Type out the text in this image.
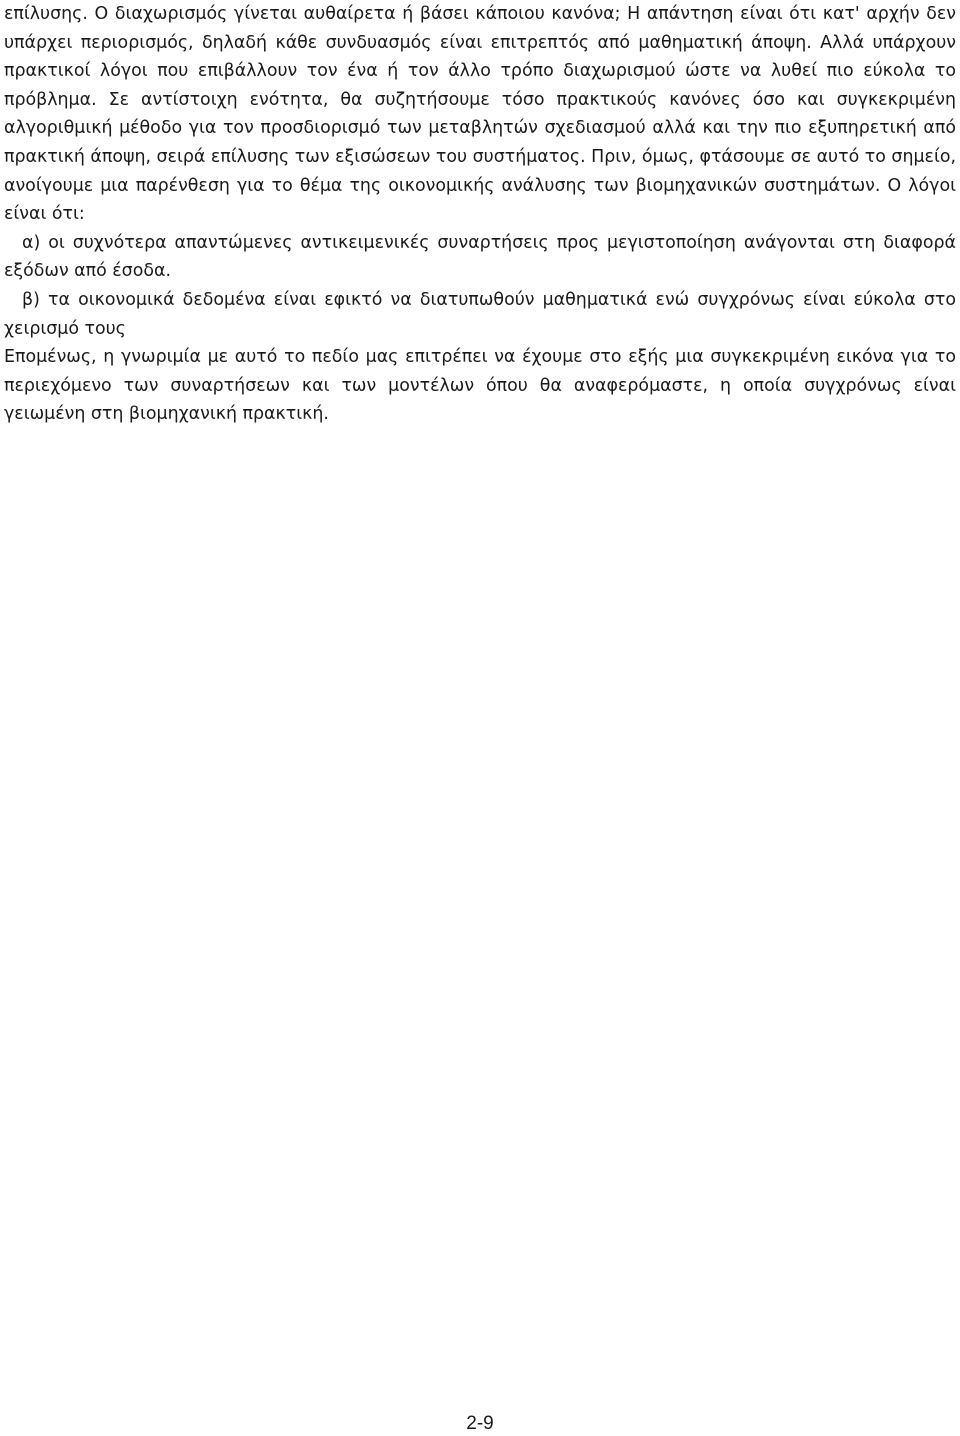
επίλυσης. Ο διαχωρισμός γίνεται αυθαίρετα ή βάσει κάποιου κανόνα; Η απάντηση είναι ότι κατ' αρχήν δεν υπάρχει περιορισμός, δηλαδή κάθε συνδυασμός είναι επιτρεπτός από μαθηματική άποψη. Αλλά υπάρχουν πρακτικοί λόγοι που επιβάλλουν τον ένα ή τον άλλο τρόπο διαχωρισμού ώστε να λυθεί πιο εύκολα το πρόβλημα. Σε αντίστοιχη ενότητα, θα συζητήσουμε τόσο πρακτικούς κανόνες όσο και συγκεκριμένη αλγοριθμική μέθοδο για τον προσδιορισμό των μεταβλητών σχεδιασμού αλλά και την πιο εξυπηρετική από πρακτική άποψη, σειρά επίλυσης των εξισώσεων του συστήματος. Πριν, όμως, φτάσουμε σε αυτό το σημείο, ανοίγουμε μια παρένθεση για το θέμα της οικονομικής ανάλυσης των βιομηχανικών συστημάτων. Ο λόγοι είναι ότι:

α) οι συχνότερα απαντώμενες αντικειμενικές συναρτήσεις προς μεγιστοποίηση ανάγονται στη διαφορά εξόδων από έσοδα.

β) τα οικονομικά δεδομένα είναι εφικτό να διατυπωθούν μαθηματικά ενώ συγχρόνως είναι εύκολα στο χειρισμό τους

Επομένως, η γνωριμία με αυτό το πεδίο μας επιτρέπει να έχουμε στο εξής μια συγκεκριμένη εικόνα για το περιεχόμενο των συναρτήσεων και των μοντέλων όπου θα αναφερόμαστε, η οποία συγχρόνως είναι γειωμένη στη βιομηχανική πρακτική.

2-9
